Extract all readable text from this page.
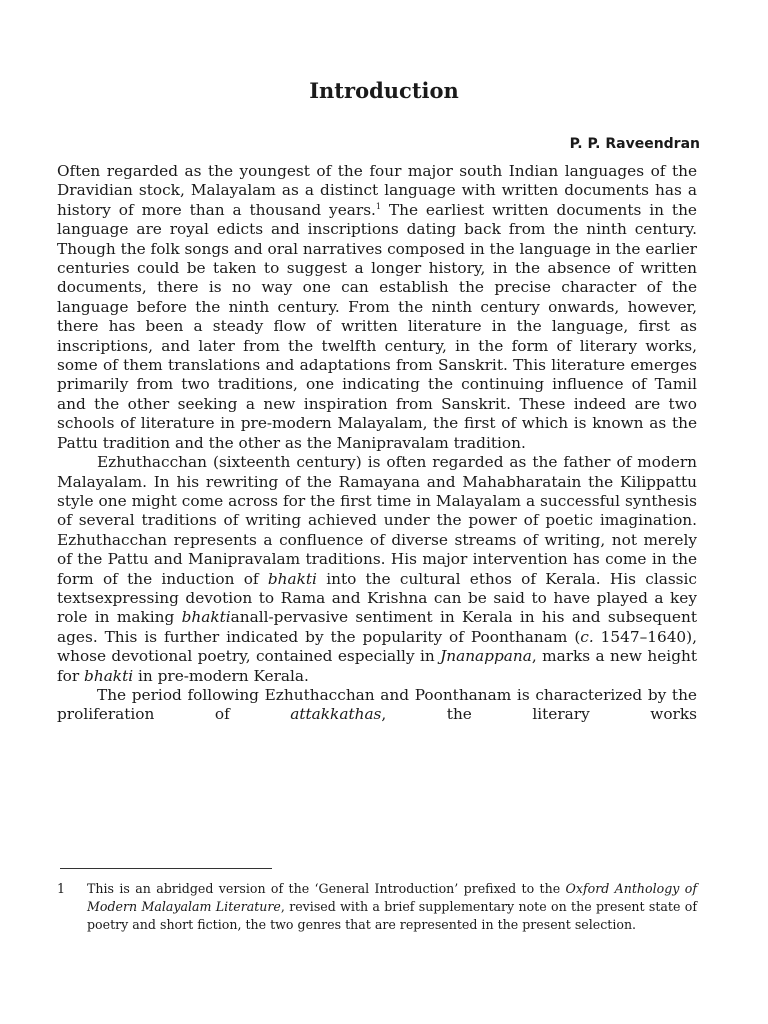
Introduction
P. P. Raveendran

Often regarded as the youngest of the four major south Indian languages of the Dravidian stock, Malayalam as a distinct language with written documents has a history of more than a thousand years.$^1$ The earliest written documents in the language are royal edicts and inscriptions dating back from the ninth century. Though the folk songs and oral narratives composed in the language in the earlier centuries could be taken to suggest a longer history, in the absence of written documents, there is no way one can establish the precise character of the language before the ninth century. From the ninth century onwards, however, there has been a steady flow of written literature in the language, first as inscriptions, and later from the twelfth century, in the form of literary works, some of them translations and adaptations from Sanskrit. This literature emerges primarily from two traditions, one indicating the continuing influence of Tamil and the other seeking a new inspiration from Sanskrit. These indeed are two schools of literature in pre-modern Malayalam, the first of which is known as the Pattu tradition and the other as the Manipravalam tradition.

Ezhuthacchan (sixteenth century) is often regarded as the father of modern Malayalam. In his rewriting of the Ramayana and Mahabharatain the Kilippattu style one might come across for the first time in Malayalam a successful synthesis of several traditions of writing achieved under the power of poetic imagination. Ezhuthacchan represents a confluence of diverse streams of writing, not merely of the Pattu and Manipravalam traditions. His major intervention has come in the form of the induction of bhakti into the cultural ethos of Kerala. His classic textsexpressing devotion to Rama and Krishna can be said to have played a key role in making bhaktianall-pervasive sentiment in Kerala in his and subsequent ages. This is further indicated by the popularity of Poonthanam (c. 1547–1640), whose devotional poetry, contained especially in Jnanappana, marks a new height for bhakti in pre-modern Kerala.

The period following Ezhuthacchan and Poonthanam is characterized by the proliferation of attakkathas, the literary works

1 This is an abridged version of the ‘General Introduction’ prefixed to the Oxford Anthology of Modern Malayalam Literature, revised with a brief supplementary note on the present state of poetry and short fiction, the two genres that are represented in the present selection.
